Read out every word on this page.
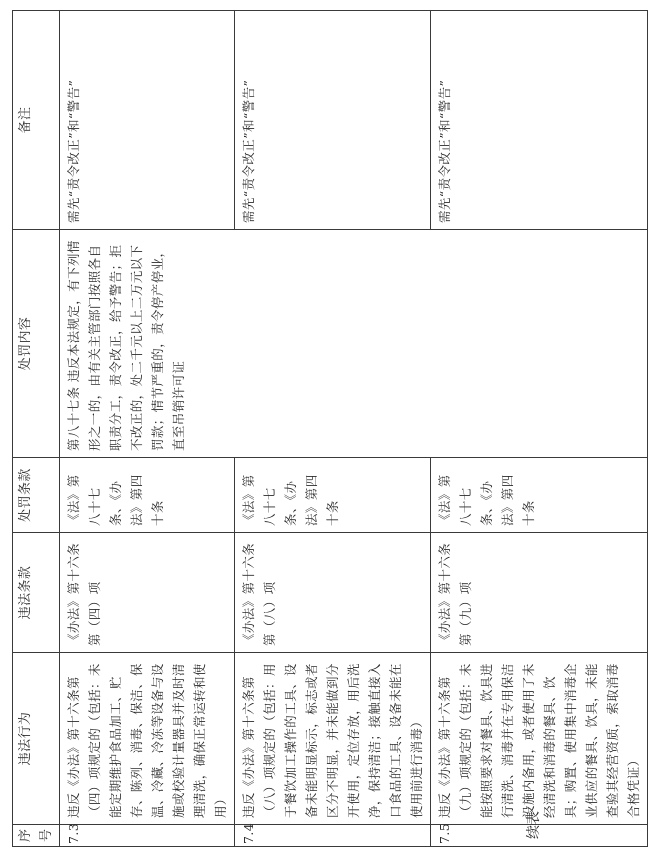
序号	违法行为	违法条款	处罚条款	处罚内容	备注
7.3	违反《办法》第十六条第（四）项规定的（包括：未能定期维护食品加工、贮存、陈列、消毒、保洁、保温、冷藏、冷冻等设备与设施或校验计量器具并及时清理清洗，确保正常运转和使用）	《办法》第十六条第（四）项	《法》第八十七条、《办法》第四十条	第八十七条 违反本法规定，有下列情形之一的，由有关主管部门按照各自职责分工，责令改正，给予警告；拒不改正的，处二千元以上二万元以下罚款；情节严重的，责令停产停业，直至吊销许可证	需先“责令改正”和“警告”
7.4	违反《办法》第十六条第（八）项规定的（包括：用于餐饮加工操作的工具、设备未能明显标示，标志或者区分不明显，并未能做到分开使用，定位存放，用后洗净，保持清洁；接触直接入口食品的工具、设备未能在使用前进行消毒）	《办法》第十六条第（八）项	《法》第八十七条、《办法》第四十条		需先“责令改正”和“警告”
7.5	违反《办法》第十六条第（九）项规定的（包括：未能按照要求对餐具、饮具进行清洗、消毒并在专用保洁设施内备用，或者使用了未经清洗和消毒的餐具、饮具；购置、使用集中消毒企业供应的餐具、饮具，未能查验其经营资质，索取消毒合格凭证）	《办法》第十六条第（九）项	《法》第八十七条、《办法》第四十条		需先“责令改正”和“警告”
续表
